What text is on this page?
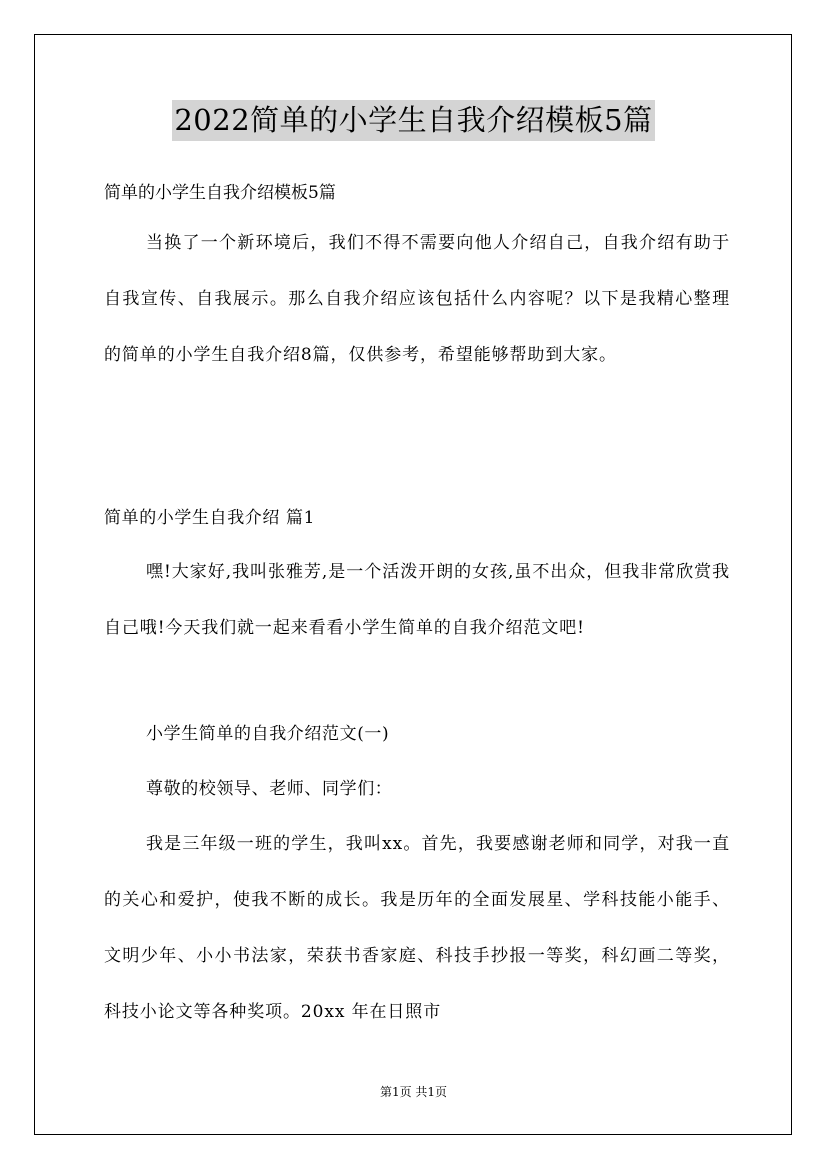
2022简单的小学生自我介绍模板5篇
简单的小学生自我介绍模板5篇
当换了一个新环境后，我们不得不需要向他人介绍自己，自我介绍有助于自我宣传、自我展示。那么自我介绍应该包括什么内容呢？以下是我精心整理的简单的小学生自我介绍8篇，仅供参考，希望能够帮助到大家。
简单的小学生自我介绍 篇1
嘿!大家好,我叫张雅芳,是一个活泼开朗的女孩,虽不出众，但我非常欣赏我自己哦!今天我们就一起来看看小学生简单的自我介绍范文吧!
小学生简单的自我介绍范文(一)
尊敬的校领导、老师、同学们：
我是三年级一班的学生，我叫xx。首先，我要感谢老师和同学，对我一直的关心和爱护，使我不断的成长。我是历年的全面发展星、学科技能小能手、文明少年、小小书法家，荣获书香家庭、科技手抄报一等奖，科幻画二等奖，科技小论文等各种奖项。20xx 年在日照市
第1页 共1页
